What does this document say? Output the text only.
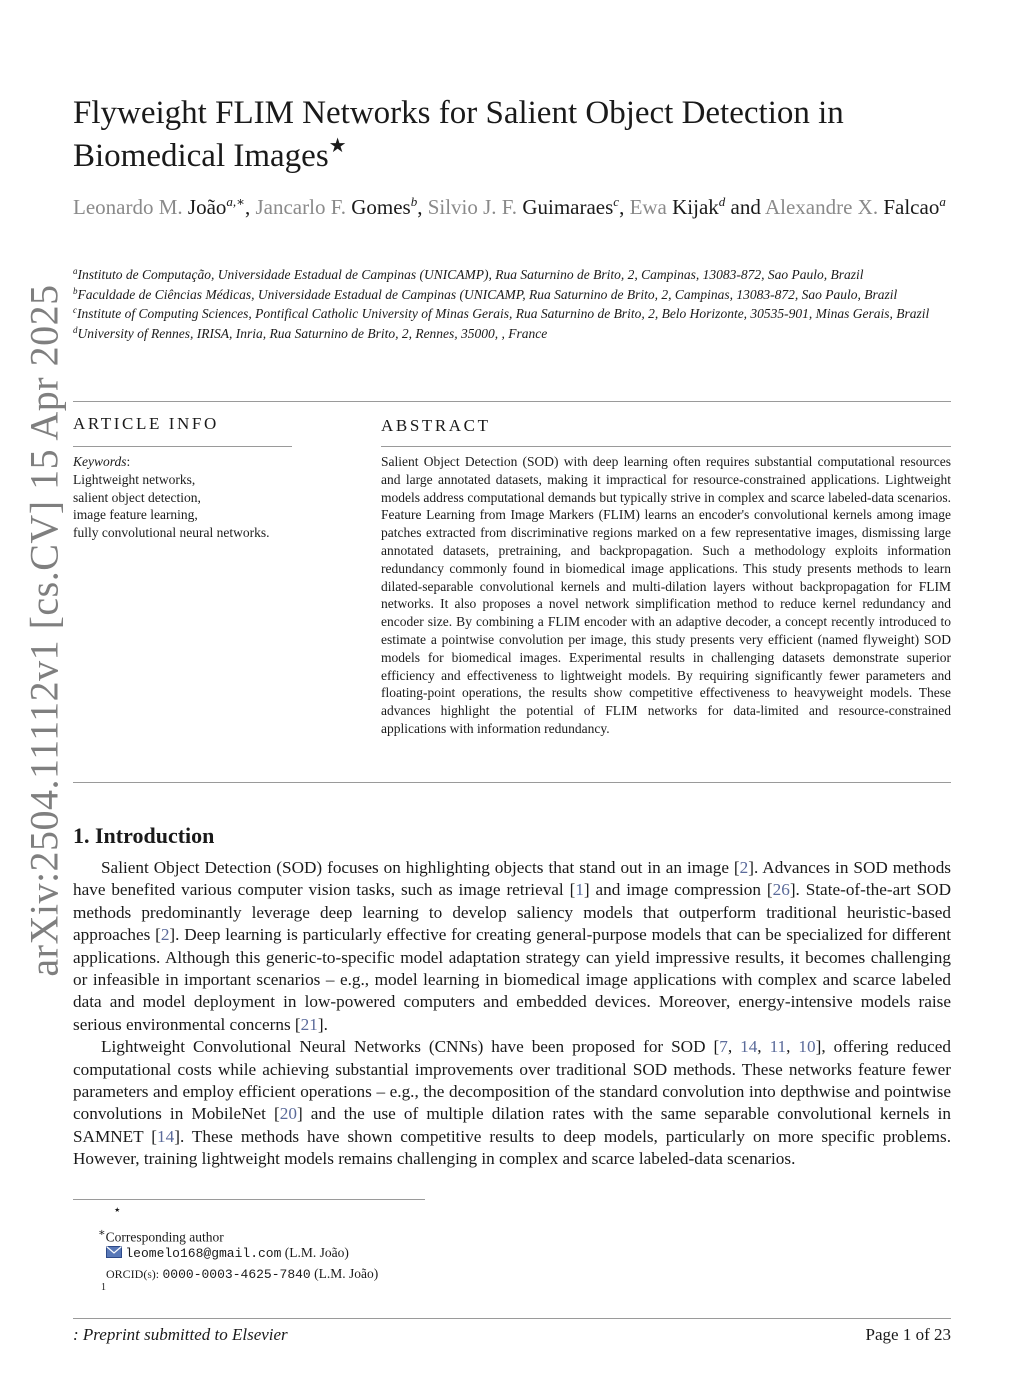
arXiv:2504.11112v1 [cs.CV] 15 Apr 2025
Flyweight FLIM Networks for Salient Object Detection in
Biomedical Images★
Leonardo M. João$^{a,∗}$, Jancarlo F. Gomes$^b$, Silvio J. F. Guimaraes$^c$, Ewa Kijak$^d$ and Alexandre X. Falcao$^a$

$^a$Instituto de Computação, Universidade Estadual de Campinas (UNICAMP), Rua Saturnino de Brito, 2, Campinas, 13083-872, Sao Paulo, Brazil

$^b$Faculdade de Ciências Médicas, Universidade Estadual de Campinas (UNICAMP, Rua Saturnino de Brito, 2, Campinas, 13083-872, Sao Paulo, Brazil

$^c$Institute of Computing Sciences, Pontifical Catholic University of Minas Gerais, Rua Saturnino de Brito, 2, Belo Horizonte, 30535-901, Minas Gerais, Brazil

$^d$University of Rennes, IRISA, Inria, Rua Saturnino de Brito, 2, Rennes, 35000, , France

ARTICLE INFO
Keywords:
Lightweight networks,
salient object detection,
image feature learning,
fully convolutional neural networks.
ABSTRACT

Salient Object Detection (SOD) with deep learning often requires substantial computational resources and large annotated datasets, making it impractical for resource-constrained applications. Lightweight models address computational demands but typically strive in complex and scarce labeled-data scenarios. Feature Learning from Image Markers (FLIM) learns an encoder's convolutional kernels among image patches extracted from discriminative regions marked on a few representative images, dismissing large annotated datasets, pretraining, and backpropagation. Such a methodology exploits information redundancy commonly found in biomedical image applications. This study presents methods to learn dilated-separable convolutional kernels and multi-dilation layers without backpropagation for FLIM networks. It also proposes a novel network simplification method to reduce kernel redundancy and encoder size. By combining a FLIM encoder with an adaptive decoder, a concept recently introduced to estimate a pointwise convolution per image, this study presents very efficient (named flyweight) SOD models for biomedical images. Experimental results in challenging datasets demonstrate superior efficiency and effectiveness to lightweight models. By requiring significantly fewer parameters and floating-point operations, the results show competitive effectiveness to heavyweight models. These advances highlight the potential of FLIM networks for data-limited and resource-constrained applications with information redundancy.

1. Introduction

Salient Object Detection (SOD) focuses on highlighting objects that stand out in an image [2]. Advances in SOD methods have benefited various computer vision tasks, such as image retrieval [1] and image compression [26]. State-of-the-art SOD methods predominantly leverage deep learning to develop saliency models that outperform traditional heuristic-based approaches [2]. Deep learning is particularly effective for creating general-purpose models that can be specialized for different applications. Although this generic-to-specific model adaptation strategy can yield impressive results, it becomes challenging or infeasible in important scenarios – e.g., model learning in biomedical image applications with complex and scarce labeled data and model deployment in low-powered computers and embedded devices. Moreover, energy-intensive models raise serious environmental concerns [21].

Lightweight Convolutional Neural Networks (CNNs) have been proposed for SOD [7, 14, 11, 10], offering reduced computational costs while achieving substantial improvements over traditional SOD methods. These networks feature fewer parameters and employ efficient operations – e.g., the decomposition of the standard convolution into depthwise and pointwise convolutions in MobileNet [20] and the use of multiple dilation rates with the same separable convolutional kernels in SAMNET [14]. These methods have shown competitive results to deep models, particularly on more specific problems. However, training lightweight models remains challenging in complex and scarce labeled-data scenarios.

⋆
∗Corresponding author
leomelo168@gmail.com (L.M. João)
ORCID(s): 0000-0003-4625-7840 (L.M. João)
1
: Preprint submitted to Elsevier	Page 1 of 23
